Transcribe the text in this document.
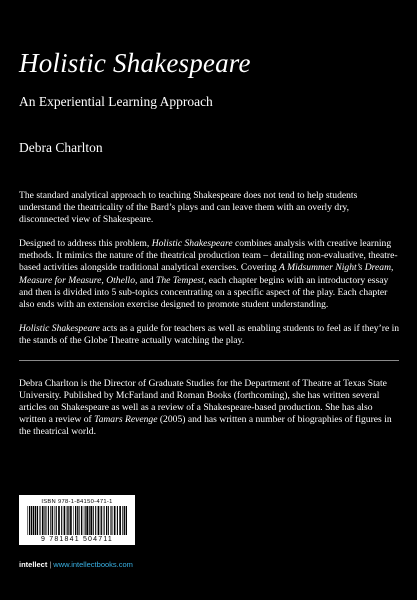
Holistic Shakespeare
An Experiential Learning Approach
Debra Charlton

The standard analytical approach to teaching Shakespeare does not tend to help students understand the theatricality of the Bard’s plays and can leave them with an overly dry, disconnected view of Shakespeare.

Designed to address this problem, Holistic Shakespeare combines analysis with creative learning methods. It mimics the nature of the theatrical production team – detailing non-evaluative, theatre-based activities alongside traditional analytical exercises. Covering A Midsummer Night’s Dream, Measure for Measure, Othello, and The Tempest, each chapter begins with an introductory essay and then is divided into 5 sub-topics concentrating on a specific aspect of the play. Each chapter also ends with an extension exercise designed to promote student understanding.

Holistic Shakespeare acts as a guide for teachers as well as enabling students to feel as if they’re in the stands of the Globe Theatre actually watching the play.

Debra Charlton is the Director of Graduate Studies for the Department of Theatre at Texas State University. Published by McFarland and Roman Books (forthcoming), she has written several articles on Shakespeare as well as a review of a Shakespeare-based production. She has also written a review of Tamars Revenge (2005) and has written a number of biographies of figures in the theatrical world.

ISBN 978-1-84150-471-1
9 781841 504711
intellect | www.intellectbooks.com
